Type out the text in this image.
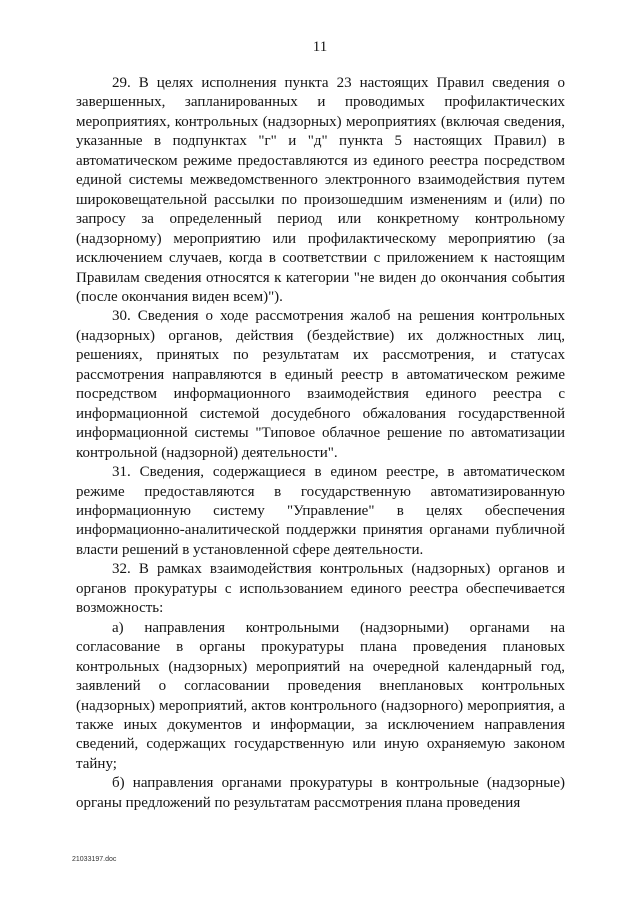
11

29. В целях исполнения пункта 23 настоящих Правил сведения о завершенных, запланированных и проводимых профилактических мероприятиях, контрольных (надзорных) мероприятиях (включая сведения, указанные в подпунктах "г" и "д" пункта 5 настоящих Правил) в автоматическом режиме предоставляются из единого реестра посредством единой системы межведомственного электронного взаимодействия путем широковещательной рассылки по произошедшим изменениям и (или) по запросу за определенный период или конкретному контрольному (надзорному) мероприятию или профилактическому мероприятию (за исключением случаев, когда в соответствии с приложением к настоящим Правилам сведения относятся к категории "не виден до окончания события (после окончания виден всем)").

30. Сведения о ходе рассмотрения жалоб на решения контрольных (надзорных) органов, действия (бездействие) их должностных лиц, решениях, принятых по результатам их рассмотрения, и статусах рассмотрения направляются в единый реестр в автоматическом режиме посредством информационного взаимодействия единого реестра с информационной системой досудебного обжалования государственной информационной системы "Типовое облачное решение по автоматизации контрольной (надзорной) деятельности".

31. Сведения, содержащиеся в едином реестре, в автоматическом режиме предоставляются в государственную автоматизированную информационную систему "Управление" в целях обеспечения информационно-аналитической поддержки принятия органами публичной власти решений в установленной сфере деятельности.

32. В рамках взаимодействия контрольных (надзорных) органов и органов прокуратуры с использованием единого реестра обеспечивается возможность:

а) направления контрольными (надзорными) органами на согласование в органы прокуратуры плана проведения плановых контрольных (надзорных) мероприятий на очередной календарный год, заявлений о согласовании проведения внеплановых контрольных (надзорных) мероприятий, актов контрольного (надзорного) мероприятия, а также иных документов и информации, за исключением направления сведений, содержащих государственную или иную охраняемую законом тайну;

б) направления органами прокуратуры в контрольные (надзорные) органы предложений по результатам рассмотрения плана проведения

21033197.doc
